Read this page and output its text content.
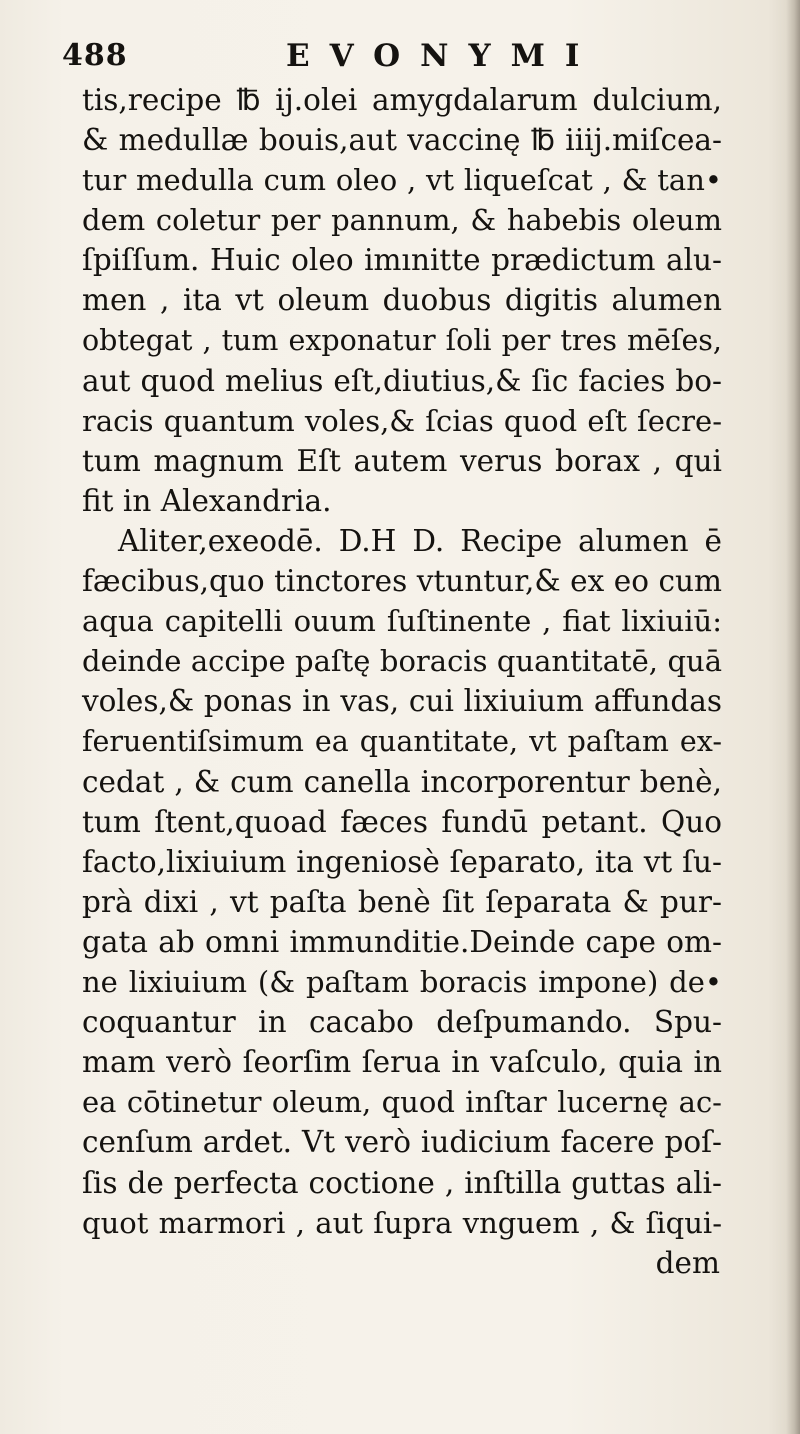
488	EVONYMI
tis,recipe ℔ ij.olei amygdalarum dulcium,
& medullæ bouis,aut vaccinę ℔ iiij.miſcea-
tur medulla cum oleo , vt liqueſcat , & tan•
dem coletur per pannum, & habebis oleum
ſpiſſum. Huic oleo imınitte prædictum alu-
men , ita vt oleum duobus digitis alumen
obtegat , tum exponatur ſoli per tres mēſes,
aut quod melius eſt,diutius,& ſic facies bo-
racis quantum voles,& ſcias quod eſt ſecre-
tum magnum Eſt autem verus borax , qui
fit in Alexandria.
Aliter,exeodē. D.H D. Recipe alumen ē
fæcibus,quo tinctores vtuntur,& ex eo cum
aqua capitelli ouum ſuſtinente , fiat lixiuiū:
deinde accipe paſtę boracis quantitatē, quā
voles,& ponas in vas, cui lixiuium affundas
feruentiſsimum ea quantitate, vt paſtam ex-
cedat , & cum canella incorporentur benè,
tum ſtent,quoad fæces fundū petant. Quo
facto,lixiuium ingeniosè ſeparato, ita vt ſu-
prà dixi , vt paſta benè ſit ſeparata & pur-
gata ab omni immunditie.Deinde cape om-
ne lixiuium (& paſtam boracis impone) de•
coquantur in cacabo deſpumando. Spu-
mam verò ſeorſim ſerua in vaſculo, quia in
ea cōtinetur oleum, quod inſtar lucernę ac-
cenſum ardet. Vt verò iudicium facere poſ-
ſis de perfecta coctione , inſtilla guttas ali-
quot marmori , aut ſupra vnguem , & ſiqui-
dem
